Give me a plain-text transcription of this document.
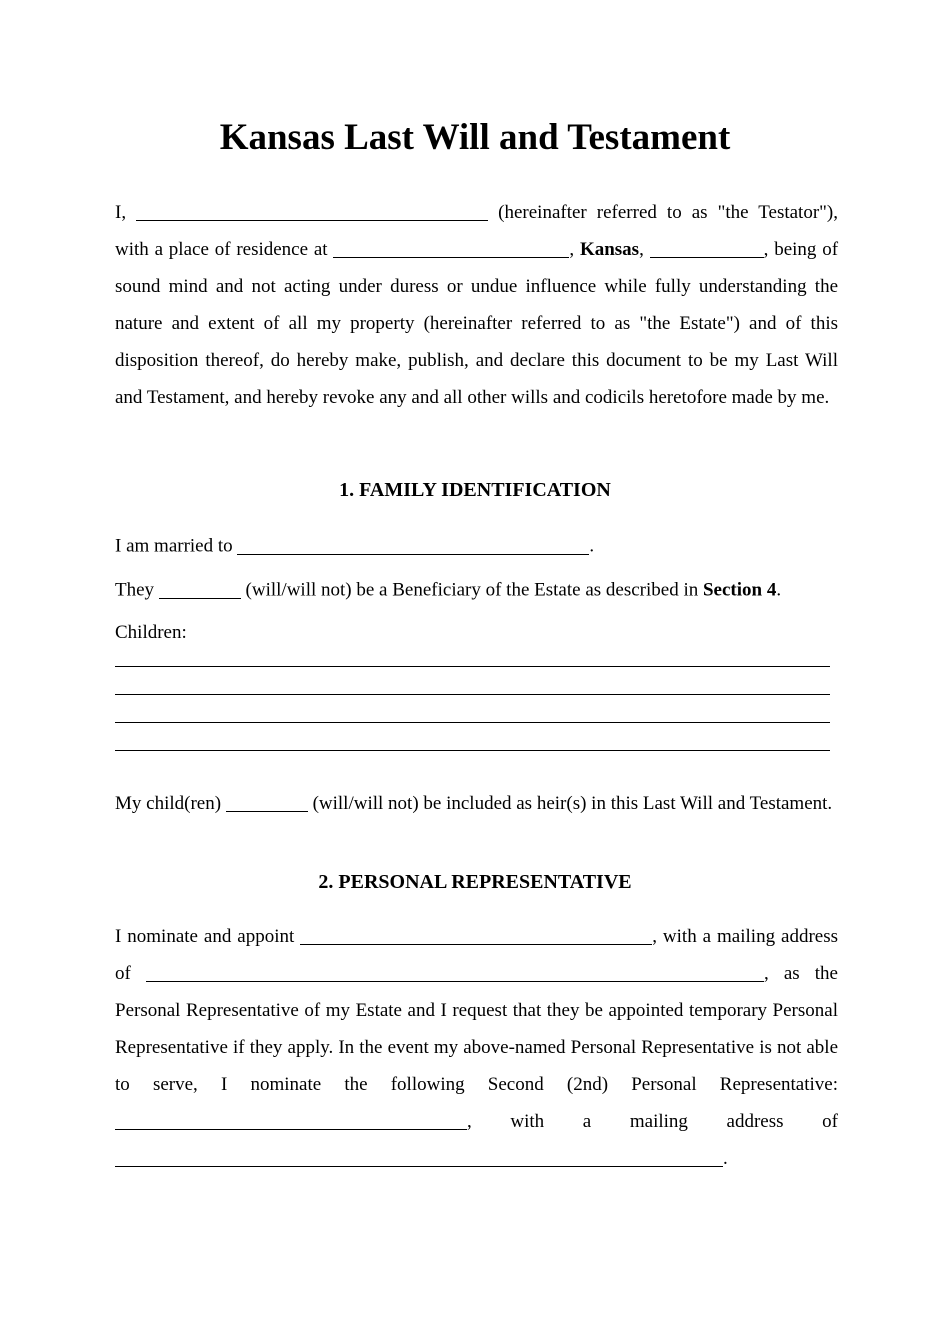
Kansas Last Will and Testament

I,	(hereinafter referred to as "the Testator"), with a place of residence at	, Kansas,	, being of sound mind and not acting under duress or undue influence while fully understanding the nature and extent of all my property (hereinafter referred to as "the Estate") and of this disposition thereof, do hereby make, publish, and declare this document to be my Last Will and Testament, and hereby revoke any and all other wills and codicils heretofore made by me.

1. FAMILY IDENTIFICATION

I am married to	.

They	(will/will not) be a Beneficiary of the Estate as described in Section 4.

Children:

My child(ren)	(will/will not) be included as heir(s) in this Last Will and Testament.

2. PERSONAL REPRESENTATIVE

I nominate and appoint	, with a mailing address of	, as the Personal Representative of my Estate and I request that they be appointed temporary Personal Representative if they apply. In the event my above-named Personal Representative is not able to serve, I nominate the following Second (2nd) Personal Representative: , with a mailing address of .
